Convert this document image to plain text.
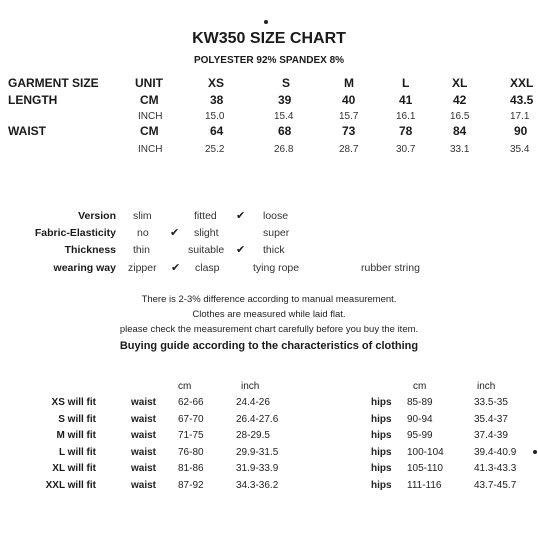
KW350 SIZE CHART
POLYESTER 92% SPANDEX 8%
GARMENT SIZE	UNIT	XS	S	M	L	XL	XXL
LENGTH	CM	38	39	40	41	42	43.5
INCH	15.0	15.4	15.7	16.1	16.5	17.1
WAIST	CM	64	68	73	78	84	90
INCH	25.2	26.8	28.7	30.7	33.1	35.4
Version slim	fitted ✔ loose
Fabric-Elasticity no ✔ slight	super
Thickness thin	suitable ✔ thick
wearing way zipper ✔ clasp	tying rope	rubber string
There is 2-3% difference according to manual measurement.
Clothes are measured while laid flat.
please check the measurement chart carefully before you buy the item.
Buying guide according to the characteristics of clothing
cm	inch	cm	inch
XS will fit	waist 62-66	24.4-26	hips 85-89	33.5-35
S will fit	waist 67-70	26.4-27.6	hips 90-94	35.4-37
M will fit	waist 71-75	28-29.5	hips 95-99	37.4-39
L will fit	waist 76-80	29.9-31.5	hips 100-104	39.4-40.9
XL will fit	waist 81-86	31.9-33.9	hips 105-110	41.3-43.3
XXL will fit	waist 87-92	34.3-36.2	hips 111-116	43.7-45.7
